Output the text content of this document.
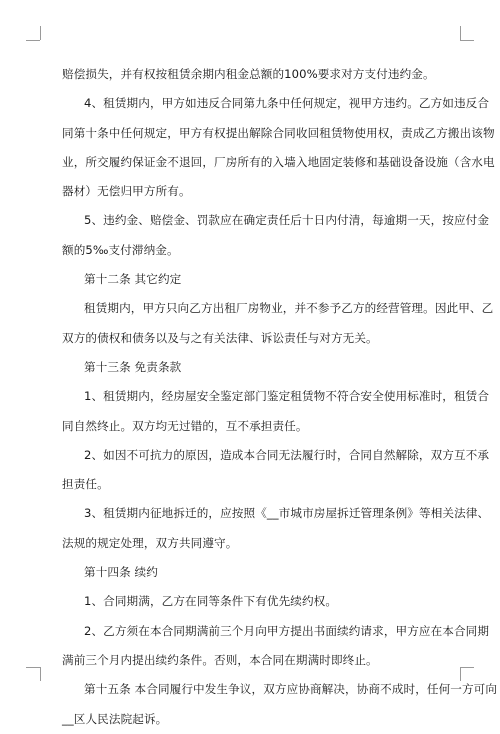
赔偿损失，并有权按租赁余期内租金总额的100%要求对方支付违约金。
4、租赁期内，甲方如违反合同第九条中任何规定，视甲方违约。乙方如违反合
同第十条中任何规定，甲方有权提出解除合同收回租赁物使用权，责成乙方搬出该物
业，所交履约保证金不退回，厂房所有的入墙入地固定装修和基础设备设施（含水电
器材）无偿归甲方所有。
5、违约金、赔偿金、罚款应在确定责任后十日内付清，每逾期一天，按应付金
额的5‰支付滞纳金。
第十二条 其它约定
租赁期内，甲方只向乙方出租厂房物业，并不参予乙方的经营管理。因此甲、乙
双方的债权和债务以及与之有关法律、诉讼责任与对方无关。
第十三条 免责条款
1、租赁期内，经房屋安全鉴定部门鉴定租赁物不符合安全使用标准时，租赁合
同自然终止。双方均无过错的，互不承担责任。
2、如因不可抗力的原因，造成本合同无法履行时，合同自然解除，双方互不承
担责任。
3、租赁期内征地拆迁的，应按照《__市城市房屋拆迁管理条例》等相关法律、
法规的规定处理，双方共同遵守。
第十四条 续约
1、合同期满，乙方在同等条件下有优先续约权。
2、乙方须在本合同期满前三个月向甲方提出书面续约请求，甲方应在本合同期
满前三个月内提出续约条件。否则，本合同在期满时即终止。
第十五条 本合同履行中发生争议，双方应协商解决，协商不成时，任何一方可向
__区人民法院起诉。
